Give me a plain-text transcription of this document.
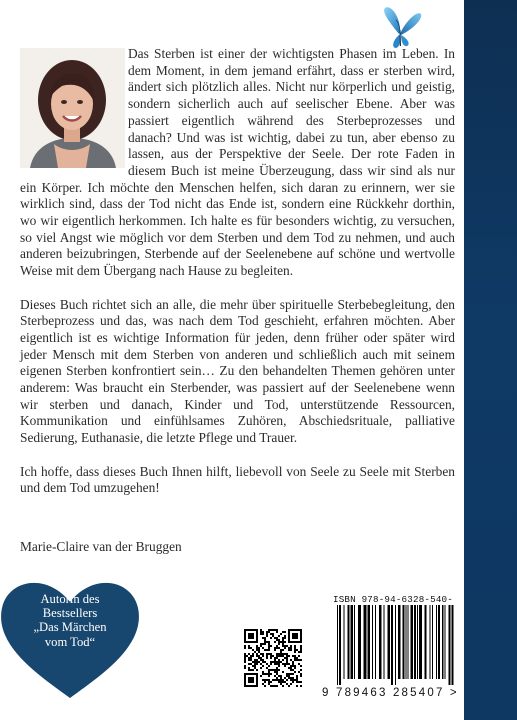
Das Sterben ist einer der wichtigsten Phasen im Leben. In dem Moment, in dem jemand erfährt, dass er sterben wird, ändert sich plötzlich alles. Nicht nur körperlich und geistig, sondern sicherlich auch auf seelischer Ebene. Aber was passiert eigentlich während des Sterbeprozesses und danach? Und was ist wichtig, dabei zu tun, aber ebenso zu lassen, aus der Perspektive der Seele. Der rote Faden in diesem Buch ist meine Überzeugung, dass wir sind als nur ein Körper. Ich möchte den Menschen helfen, sich daran zu erinnern, wer sie wirklich sind, dass der Tod nicht das Ende ist, sondern eine Rückkehr dorthin, wo wir eigentlich herkommen. Ich halte es für besonders wichtig, zu versuchen, so viel Angst wie möglich vor dem Sterben und dem Tod zu nehmen, und auch anderen beizubringen, Sterbende auf der Seelenebene auf schöne und wertvolle Weise mit dem Übergang nach Hause zu begleiten.

Dieses Buch richtet sich an alle, die mehr über spirituelle Sterbebegleitung, den Sterbeprozess und das, was nach dem Tod geschieht, erfahren möchten. Aber eigentlich ist es wichtige Information für jeden, denn früher oder später wird jeder Mensch mit dem Sterben von anderen und schließlich auch mit seinem eigenen Sterben konfrontiert sein… Zu den behandelten Themen gehören unter anderem: Was braucht ein Sterbender, was passiert auf der Seelenebene wenn wir sterben und danach, Kinder und Tod, unterstützende Ressourcen, Kommunikation und einfühlsames Zuhören, Abschiedsrituale, palliative Sedierung, Euthanasie, die letzte Pflege und Trauer.

Ich hoffe, dass dieses Buch Ihnen hilft, liebevoll von Seele zu Seele mit Sterben und dem Tod umzugehen!

Marie-Claire van der Bruggen
Autorin des
Bestsellers
„Das Märchen
vom Tod“
ISBN 978-94-6328-540-
9 789463 285407 >
